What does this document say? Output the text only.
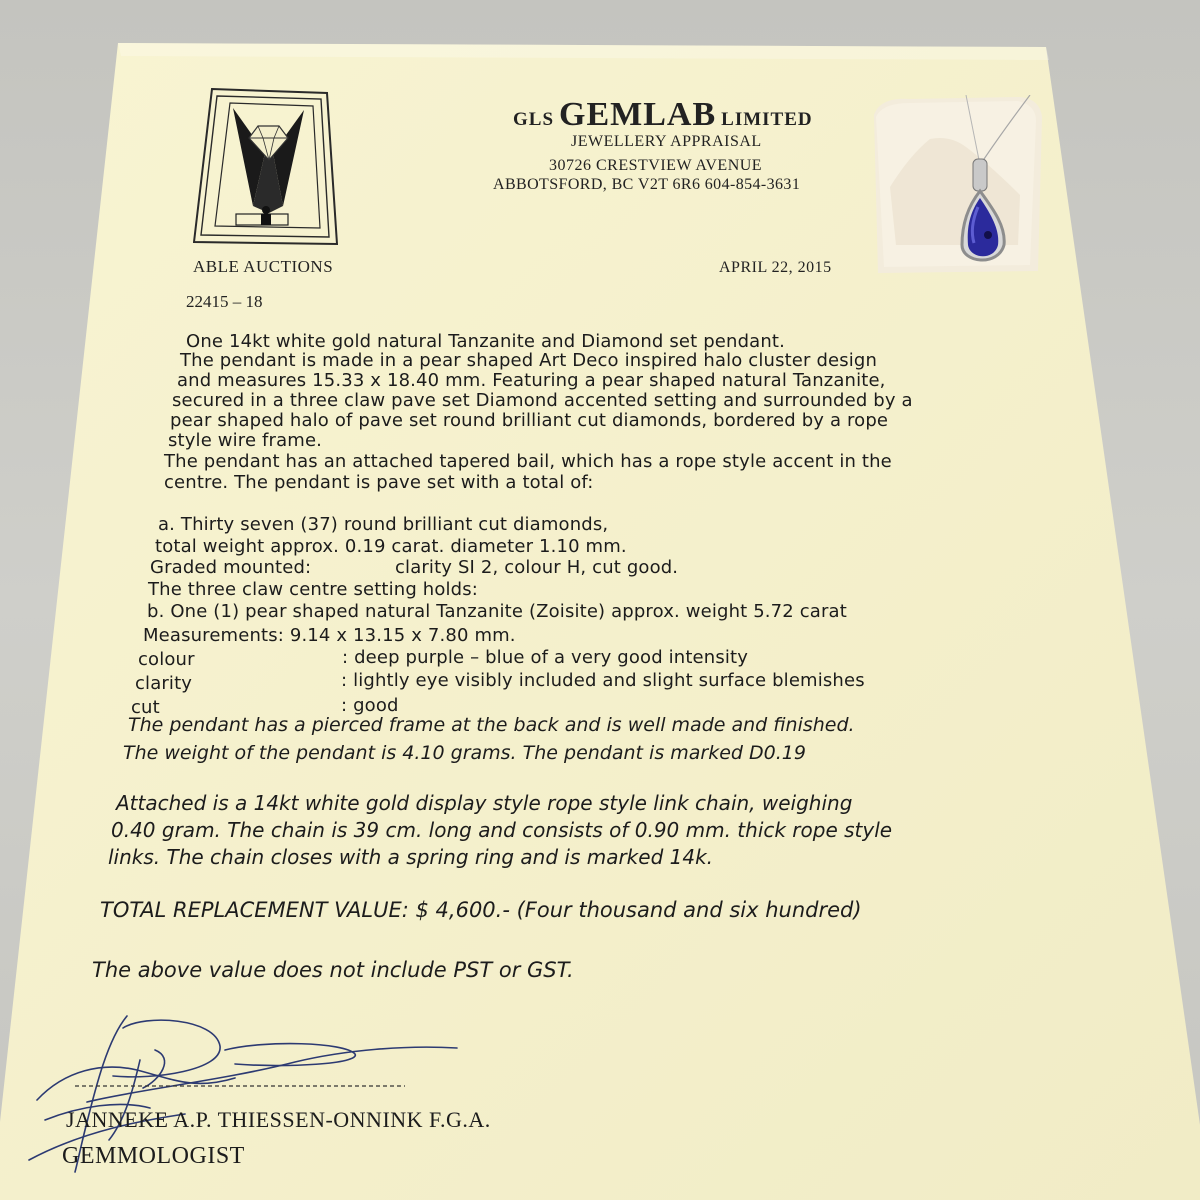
GLS GEMLAB LIMITED
JEWELLERY APPRAISAL
30726 CRESTVIEW AVENUE
ABBOTSFORD, BC V2T 6R6 604-854-3631
ABLE AUCTIONS	APRIL 22, 2015
22415 – 18
One 14kt white gold natural Tanzanite and Diamond set pendant.
The pendant is made in a pear shaped Art Deco inspired halo cluster design
and measures 15.33 x 18.40 mm. Featuring a pear shaped natural Tanzanite,
secured in a three claw pave set Diamond accented setting and surrounded by a
pear shaped halo of pave set round brilliant cut diamonds, bordered by a rope
style wire frame.
The pendant has an attached tapered bail, which has a rope style accent in the
centre. The pendant is pave set with a total of:
a. Thirty seven (37) round brilliant cut diamonds,
total weight approx. 0.19 carat. diameter 1.10 mm.
Graded mounted:	clarity SI 2, colour H, cut good.
The three claw centre setting holds:
b. One (1) pear shaped natural Tanzanite (Zoisite) approx. weight 5.72 carat
Measurements: 9.14 x 13.15 x 7.80 mm.
colour	: deep purple – blue of a very good intensity
clarity	: lightly eye visibly included and slight surface blemishes
cut	: good
The pendant has a pierced frame at the back and is well made and finished.
The weight of the pendant is 4.10 grams. The pendant is marked D0.19
Attached is a 14kt white gold display style rope style link chain, weighing
0.40 gram. The chain is 39 cm. long and consists of 0.90 mm. thick rope style
links. The chain closes with a spring ring and is marked 14k.
TOTAL REPLACEMENT VALUE: $ 4,600.- (Four thousand and six hundred)
The above value does not include PST or GST.
JANNEKE A.P. THIESSEN-ONNINK F.G.A.
GEMMOLOGIST
